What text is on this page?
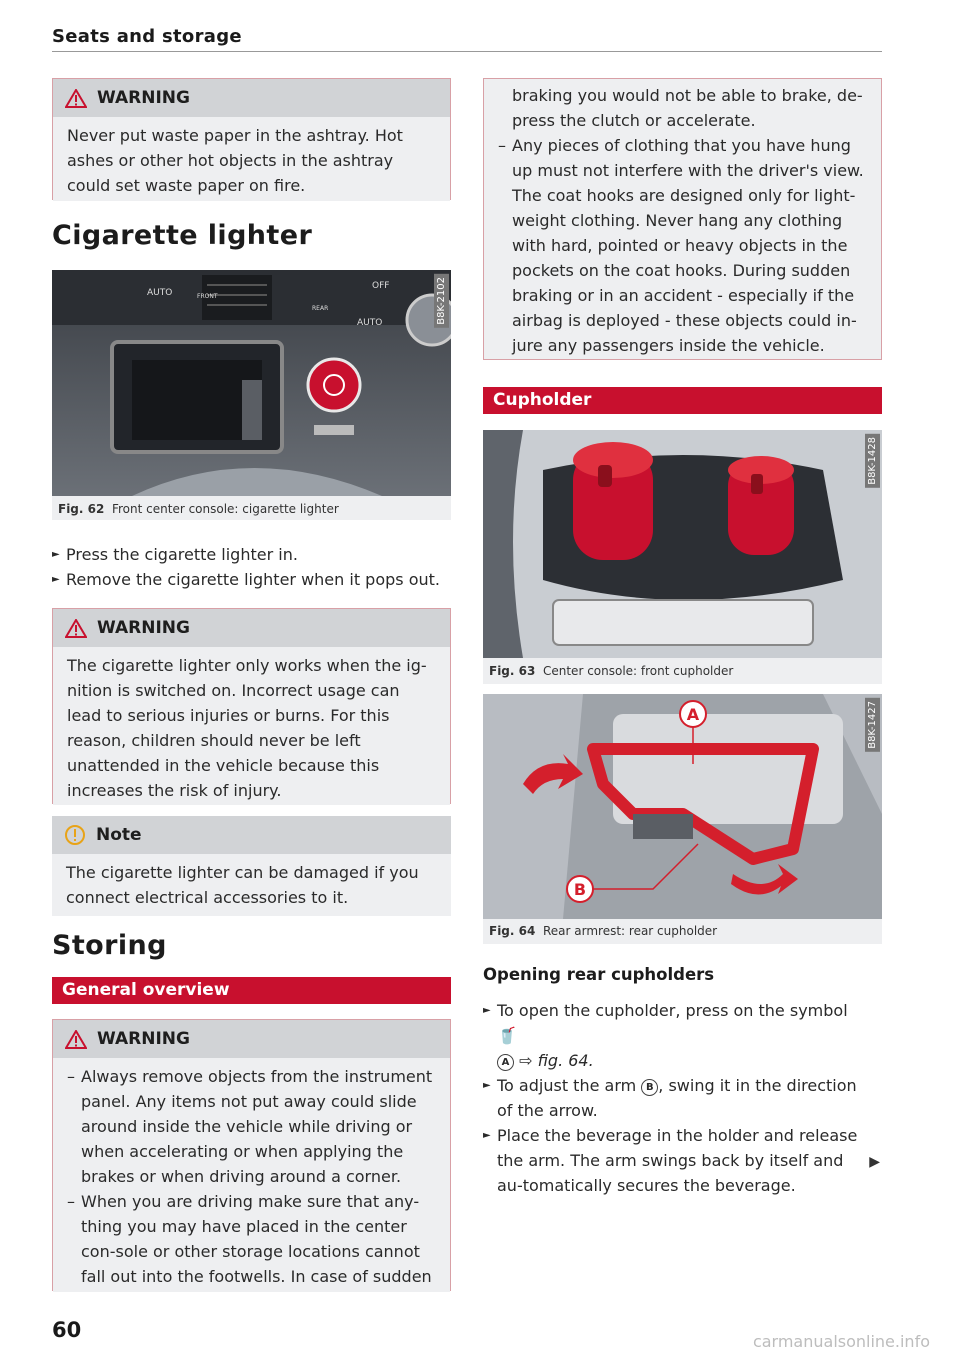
Seats and storage
WARNING
Never put waste paper in the ashtray. Hot ashes or other hot objects in the ashtray could set waste paper on fire.
Cigarette lighter
AUTO	FRONT
REAR
AUTO
OFF	B8K-2102
Fig. 62 Front center console: cigarette lighter
► Press the cigarette lighter in.
► Remove the cigarette lighter when it pops out.
WARNING
The cigarette lighter only works when the ig-nition is switched on. Incorrect usage can lead to serious injuries or burns. For this reason, children should never be left unattended in the vehicle because this increases the risk of injury.
Note
The cigarette lighter can be damaged if you connect electrical accessories to it.
Storing
General overview
WARNING

– Always remove objects from the instrument panel. Any items not put away could slide around inside the vehicle while driving or when accelerating or when applying the brakes or when driving around a corner.

– When you are driving make sure that any-thing you may have placed in the center con-sole or other storage locations cannot fall out into the footwells. In case of sudden

braking you would not be able to brake, de-press the clutch or accelerate.

– Any pieces of clothing that you have hung up must not interfere with the driver's view. The coat hooks are designed only for light-weight clothing. Never hang any clothing with hard, pointed or heavy objects in the pockets on the coat hooks. During sudden braking or in an accident - especially if the airbag is deployed - these objects could in-jure any passengers inside the vehicle.

Cupholder
B8K-1428
Fig. 63 Center console: front cupholder
A
B
B8K-1427
Fig. 64 Rear armrest: rear cupholder
Opening rear cupholders
► To open the cupholder, press on the symbol 🥤
A ⇨ fig. 64.
► To adjust the arm B , swing it in the direction of the arrow.
► Place the beverage in the holder and release the arm. The arm swings back by itself and au-tomatically secures the beverage.
▶
60	carmanualsonline.info
